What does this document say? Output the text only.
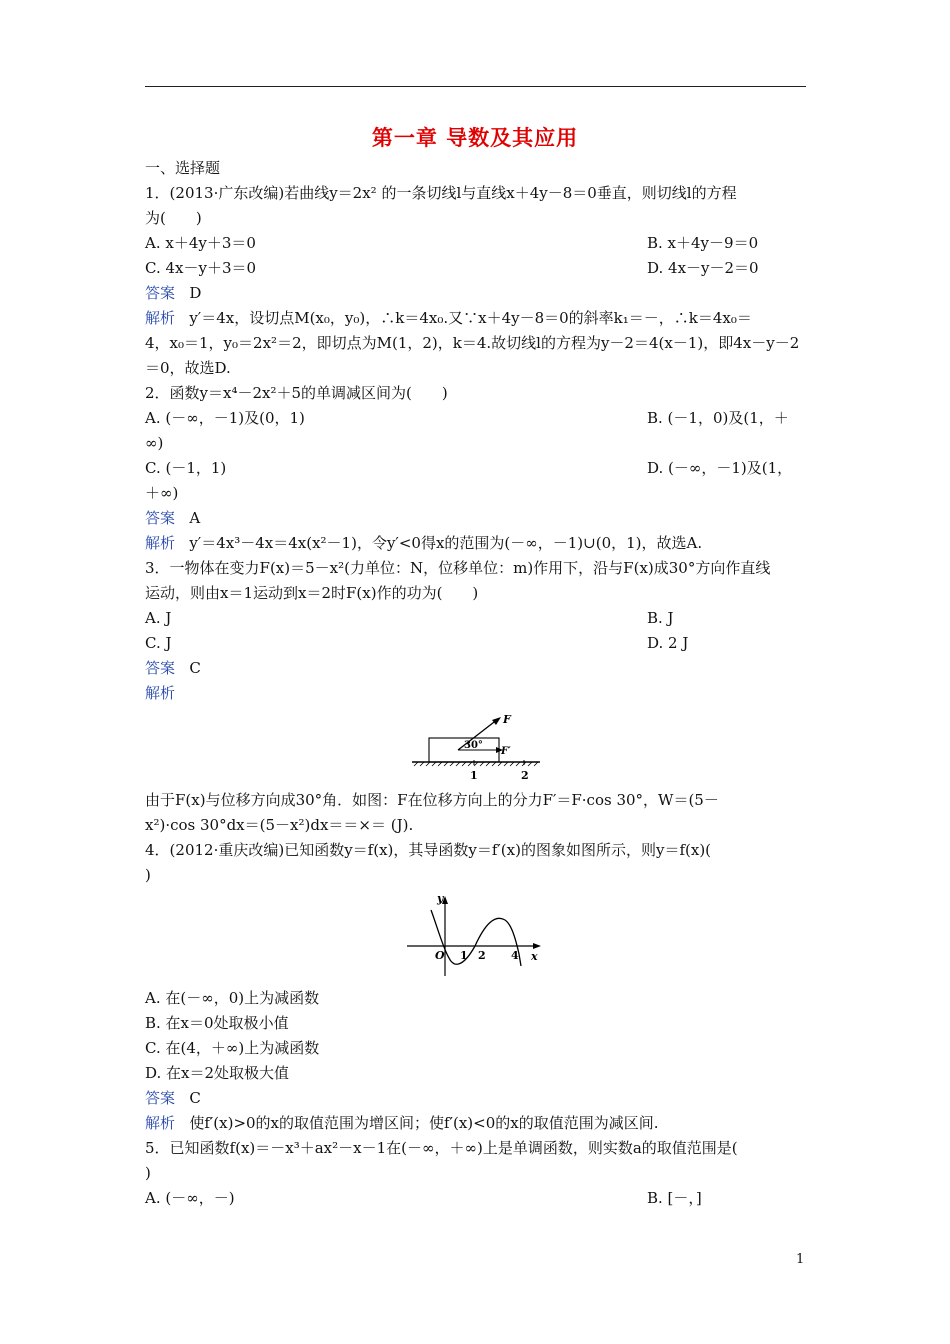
第一章 导数及其应用
一、选择题
1．(2013·广东改编)若曲线y＝2x² 的一条切线l与直线x＋4y－8＝0垂直，则切线l的方程
为(　　)
A. x＋4y＋3＝0	B. x＋4y－9＝0
C. 4x－y＋3＝0	D. 4x－y－2＝0
答案 D
解析 y′＝4x，设切点M(x₀，y₀)，∴k＝4x₀.又∵x＋4y－8＝0的斜率k₁＝－，∴k＝4x₀＝
4，x₀＝1，y₀＝2x²＝2，即切点为M(1，2)，k＝4.故切线l的方程为y－2＝4(x－1)，即4x－y－2
＝0，故选D.
2．函数y＝x⁴－2x²＋5的单调减区间为(　　)
A. (－∞，－1)及(0，1)	B. (－1，0)及(1，＋
∞)
C. (－1，1)	D. (－∞，－1)及(1，
＋∞)
答案 A
解析 y′＝4x³－4x＝4x(x²－1)，令y′<0得x的范围为(－∞，－1)∪(0，1)，故选A.
3．一物体在变力F(x)＝5－x²(力单位：N，位移单位：m)作用下，沿与F(x)成30°方向作直线
运动，则由x＝1运动到x＝2时F(x)作的功为(　　)
A. J	B. J
C. J	D. 2 J
答案 C
解析
F
30°
F′
1	2
由于F(x)与位移方向成30°角．如图：F在位移方向上的分力F′＝F·cos 30°，W＝(5－
x²)·cos 30°dx＝(5－x²)dx＝＝×＝ (J).
4．(2012·重庆改编)已知函数y＝f(x)，其导函数y＝f′(x)的图象如图所示，则y＝f(x)(
)
y
x
O 1 2 4
A. 在(－∞，0)上为减函数
B. 在x＝0处取极小值
C. 在(4，＋∞)上为减函数
D. 在x＝2处取极大值
答案 C
解析 使f′(x)>0的x的取值范围为增区间；使f′(x)<0的x的取值范围为减区间.
5．已知函数f(x)＝－x³＋ax²－x－1在(－∞，＋∞)上是单调函数，则实数a的取值范围是(
)
A. (－∞，－)	B. [－，]
1
